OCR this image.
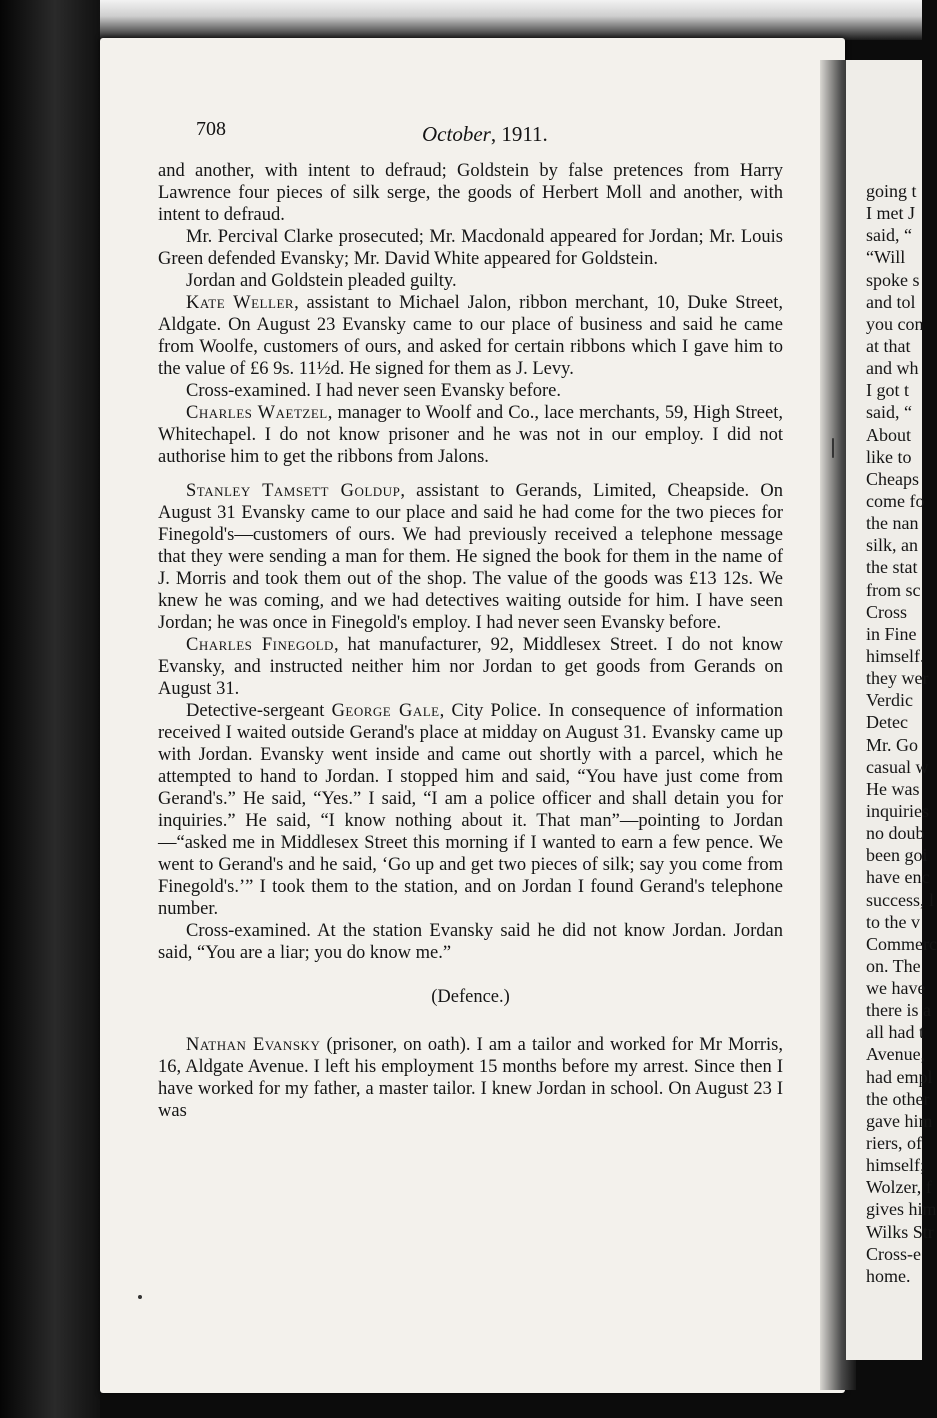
708	October, 1911.

and another, with intent to defraud; Goldstein by false pretences from Harry Lawrence four pieces of silk serge, the goods of Herbert Moll and another, with intent to defraud.

Mr. Percival Clarke prosecuted; Mr. Macdonald appeared for Jordan; Mr. Louis Green defended Evansky; Mr. David White appeared for Goldstein.

Jordan and Goldstein pleaded guilty.

Kate Weller, assistant to Michael Jalon, ribbon merchant, 10, Duke Street, Aldgate. On August 23 Evansky came to our place of business and said he came from Woolfe, customers of ours, and asked for certain ribbons which I gave him to the value of £6 9s. 11½d. He signed for them as J. Levy.

Cross-examined. I had never seen Evansky before.

Charles Waetzel, manager to Woolf and Co., lace merchants, 59, High Street, Whitechapel. I do not know prisoner and he was not in our employ. I did not authorise him to get the ribbons from Jalons.

Stanley Tamsett Goldup, assistant to Gerands, Limited, Cheapside. On August 31 Evansky came to our place and said he had come for the two pieces for Finegold's—customers of ours. We had previously received a telephone message that they were sending a man for them. He signed the book for them in the name of J. Morris and took them out of the shop. The value of the goods was £13 12s. We knew he was coming, and we had detectives waiting outside for him. I have seen Jordan; he was once in Finegold's employ. I had never seen Evansky before.

Charles Finegold, hat manufacturer, 92, Middlesex Street. I do not know Evansky, and instructed neither him nor Jordan to get goods from Gerands on August 31.

Detective-sergeant George Gale, City Police. In consequence of information received I waited outside Gerand's place at midday on August 31. Evansky came up with Jordan. Evansky went inside and came out shortly with a parcel, which he attempted to hand to Jordan. I stopped him and said, “You have just come from Gerand's.” He said, “Yes.” I said, “I am a police officer and shall detain you for inquiries.” He said, “I know nothing about it. That man”—pointing to Jordan—“asked me in Middlesex Street this morning if I wanted to earn a few pence. We went to Gerand's and he said, ‘Go up and get two pieces of silk; say you come from Finegold's.’” I took them to the station, and on Jordan I found Gerand's telephone number.

Cross-examined. At the station Evansky said he did not know Jordan. Jordan said, “You are a liar; you do know me.”

(Defence.)

Nathan Evansky (prisoner, on oath). I am a tailor and worked for Mr Morris, 16, Aldgate Avenue. I left his employment 15 months before my arrest. Since then I have worked for my father, a master tailor. I knew Jordan in school. On August 23 I was

going t
I met J
said, “
“Will
spoke s
and tol
you con
at that
and wh
I got t
said, “
About
like to
Cheaps
come fo
the nan
silk, an
the stat
from sc
Cross
in Fine
himself.
they wer
Verdic
Detec
Mr. Go
casual w
He was
inquiries
no doub
been goi
have enc
success, l
to the v
Commerc
on. The
we have
there is a
all had t
Avenue,
had empl
the other
gave him
riers, of
himself;
Wolzer, f
gives him
Wilks Str
Cross-e
home.
